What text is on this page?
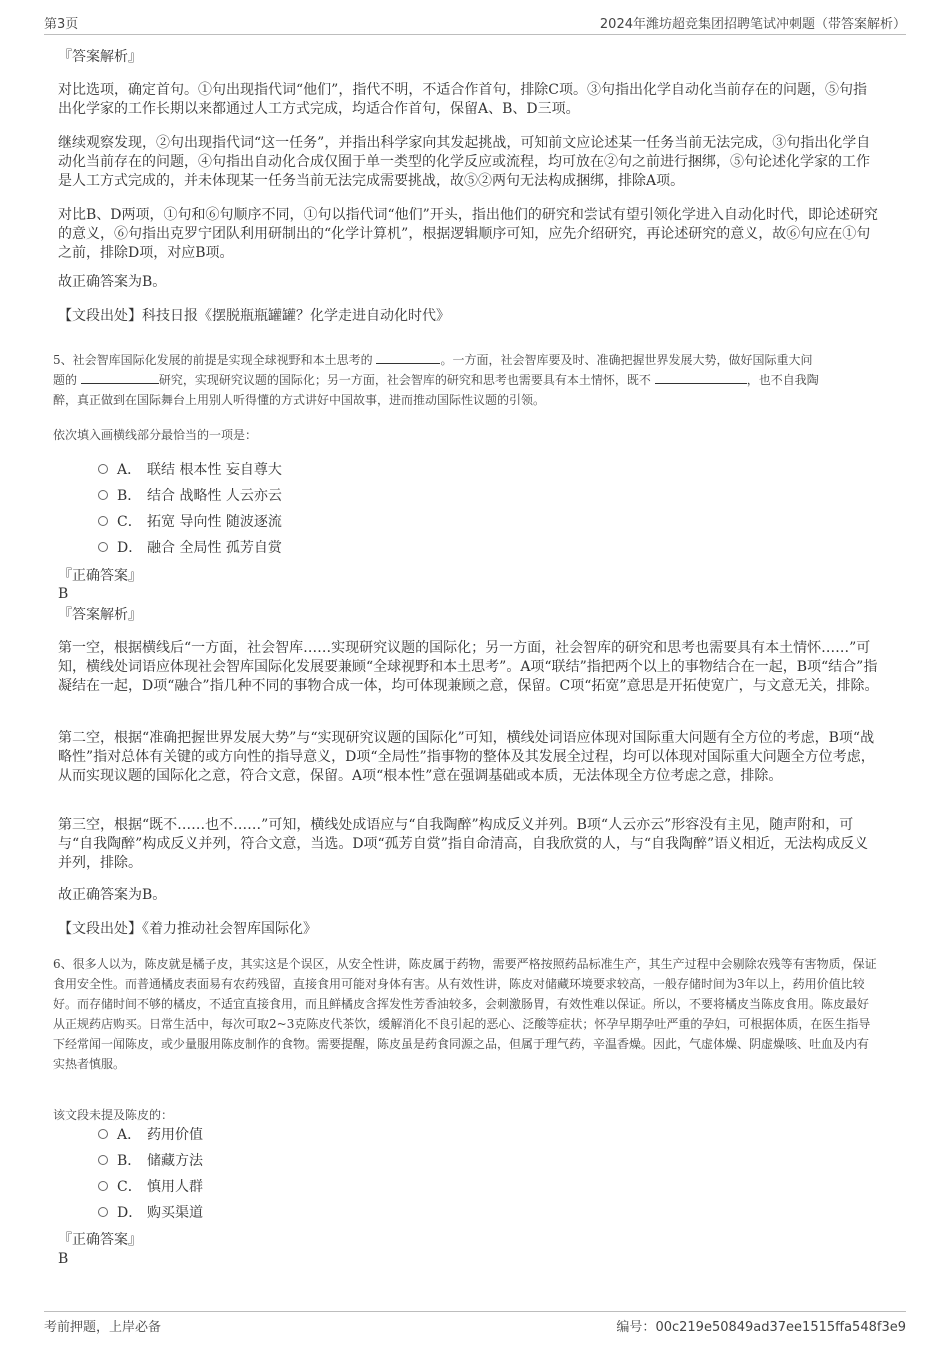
第3页	2024年潍坊超竞集团招聘笔试冲刺题（带答案解析）
『答案解析』

对比选项，确定首句。①句出现指代词“他们”，指代不明，不适合作首句，排除C项。③句指出化学自动化当前存在的问题，⑤句指出化学家的工作长期以来都通过人工方式完成，均适合作首句，保留A、B、D三项。

继续观察发现，②句出现指代词“这一任务”，并指出科学家向其发起挑战，可知前文应论述某一任务当前无法完成，③句指出化学自动化当前存在的问题，④句指出自动化合成仅囿于单一类型的化学反应或流程，均可放在②句之前进行捆绑，⑤句论述化学家的工作是人工方式完成的，并未体现某一任务当前无法完成需要挑战，故⑤②两句无法构成捆绑，排除A项。

对比B、D两项，①句和⑥句顺序不同，①句以指代词“他们”开头，指出他们的研究和尝试有望引领化学进入自动化时代，即论述研究的意义，⑥句指出克罗宁团队利用研制出的“化学计算机”，根据逻辑顺序可知，应先介绍研究，再论述研究的意义，故⑥句应在①句之前，排除D项，对应B项。

故正确答案为B。

【文段出处】科技日报《摆脱瓶瓶罐罐？化学走进自动化时代》

5、社会智库国际化发展的前提是实现全球视野和本土思考的	。一方面，社会智库要及时、准确把握世界发展大势，做好国际重大问
题的	研究，实现研究议题的国际化；另一方面，社会智库的研究和思考也需要具有本土情怀，既不	，也不自我陶
醉，真正做到在国际舞台上用别人听得懂的方式讲好中国故事，进而推动国际性议题的引领。

依次填入画横线部分最恰当的一项是：
A． 联结 根本性 妄自尊大
B． 结合 战略性 人云亦云
C． 拓宽 导向性 随波逐流
D． 融合 全局性 孤芳自赏
『正确答案』
B
『答案解析』

第一空，根据横线后“一方面，社会智库……实现研究议题的国际化；另一方面，社会智库的研究和思考也需要具有本土情怀……”可知，横线处词语应体现社会智库国际化发展要兼顾“全球视野和本土思考”。A项“联结”指把两个以上的事物结合在一起，B项“结合”指凝结在一起，D项“融合”指几种不同的事物合成一体，均可体现兼顾之意，保留。C项“拓宽”意思是开拓使宽广，与文意无关，排除。

第二空，根据“准确把握世界发展大势”与“实现研究议题的国际化”可知，横线处词语应体现对国际重大问题有全方位的考虑，B项“战略性”指对总体有关键的或方向性的指导意义，D项“全局性”指事物的整体及其发展全过程，均可以体现对国际重大问题全方位考虑，从而实现议题的国际化之意，符合文意，保留。A项“根本性”意在强调基础或本质，无法体现全方位考虑之意，排除。

第三空，根据“既不……也不……”可知，横线处成语应与“自我陶醉”构成反义并列。B项“人云亦云”形容没有主见，随声附和，可与“自我陶醉”构成反义并列，符合文意，当选。D项“孤芳自赏”指自命清高，自我欣赏的人，与“自我陶醉”语义相近，无法构成反义并列，排除。

故正确答案为B。

【文段出处】《着力推动社会智库国际化》

6、很多人以为，陈皮就是橘子皮，其实这是个误区，从安全性讲，陈皮属于药物，需要严格按照药品标准生产，其生产过程中会剔除农残等有害物质，保证食用安全性。而普通橘皮表面易有农药残留，直接食用可能对身体有害。从有效性讲，陈皮对储藏环境要求较高，一般存储时间为3年以上，药用价值比较好。而存储时间不够的橘皮，不适宜直接食用，而且鲜橘皮含挥发性芳香油较多，会刺激肠胃，有效性难以保证。所以，不要将橘皮当陈皮食用。陈皮最好从正规药店购买。日常生活中，每次可取2~3克陈皮代茶饮，缓解消化不良引起的恶心、泛酸等症状；怀孕早期孕吐严重的孕妇，可根据体质，在医生指导下经常闻一闻陈皮，或少量服用陈皮制作的食物。需要提醒，陈皮虽是药食同源之品，但属于理气药，辛温香燥。因此，气虚体燥、阴虚燥咳、吐血及内有实热者慎服。

该文段未提及陈皮的：
A． 药用价值
B． 储藏方法
C． 慎用人群
D． 购买渠道
『正确答案』
B
考前押题，上岸必备	编号：00c219e50849ad37ee1515ffa548f3e9
